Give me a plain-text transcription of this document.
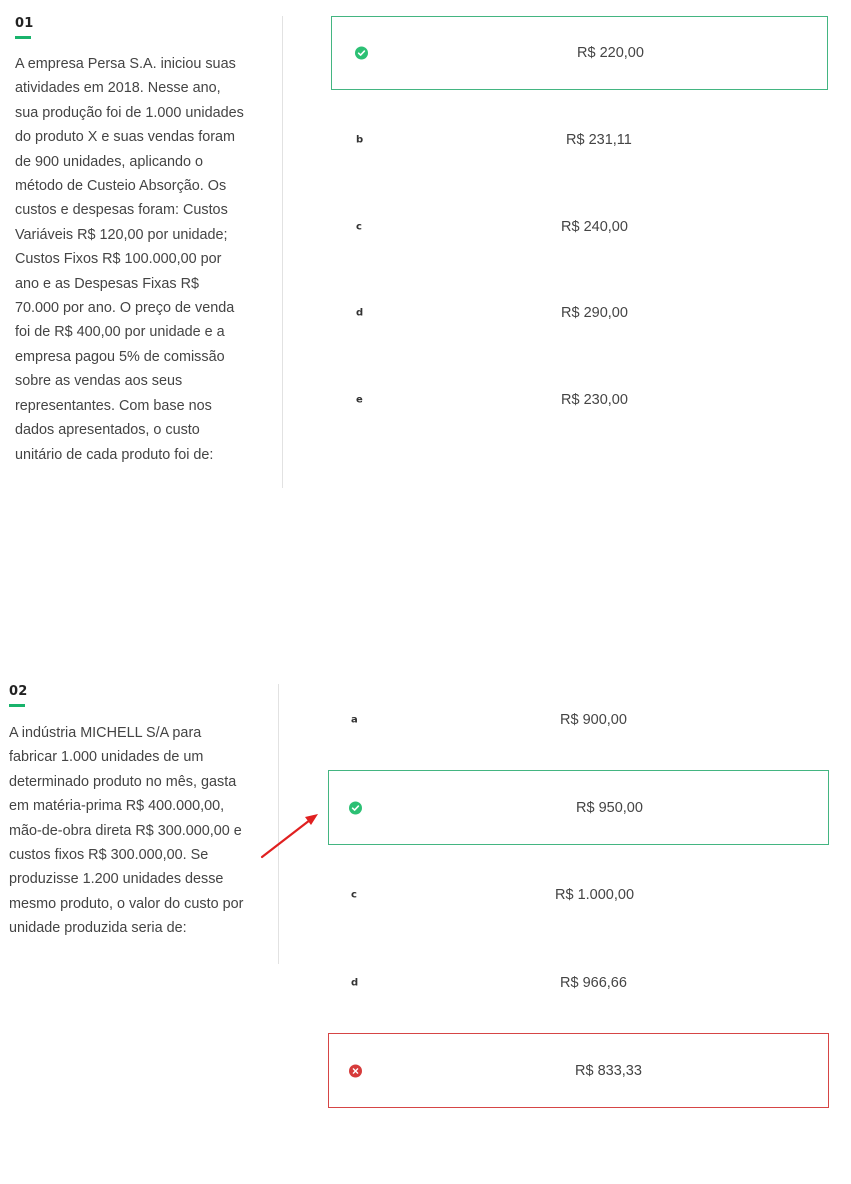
01
A empresa Persa S.A. iniciou suas atividades em 2018. Nesse ano, sua produção foi de 1.000 unidades do produto X e suas vendas foram de 900 unidades, aplicando o método de Custeio Absorção. Os custos e despesas foram: Custos Variáveis R$ 120,00 por unidade; Custos Fixos R$ 100.000,00 por ano e as Despesas Fixas R$ 70.000 por ano. O preço de venda foi de R$ 400,00 por unidade e a empresa pagou 5% de comissão sobre as vendas aos seus representantes. Com base nos dados apresentados, o custo unitário de cada produto foi de:
R$ 220,00
b	R$ 231,11
c	R$ 240,00
d	R$ 290,00
e	R$ 230,00
02
A indústria MICHELL S/A para fabricar 1.000 unidades de um determinado produto no mês, gasta em matéria-prima R$ 400.000,00, mão-de-obra direta R$ 300.000,00 e custos fixos R$ 300.000,00. Se produzisse 1.200 unidades desse mesmo produto, o valor do custo por unidade produzida seria de:
a	R$ 900,00
R$ 950,00
c	R$ 1.000,00
d	R$ 966,66
R$ 833,33
